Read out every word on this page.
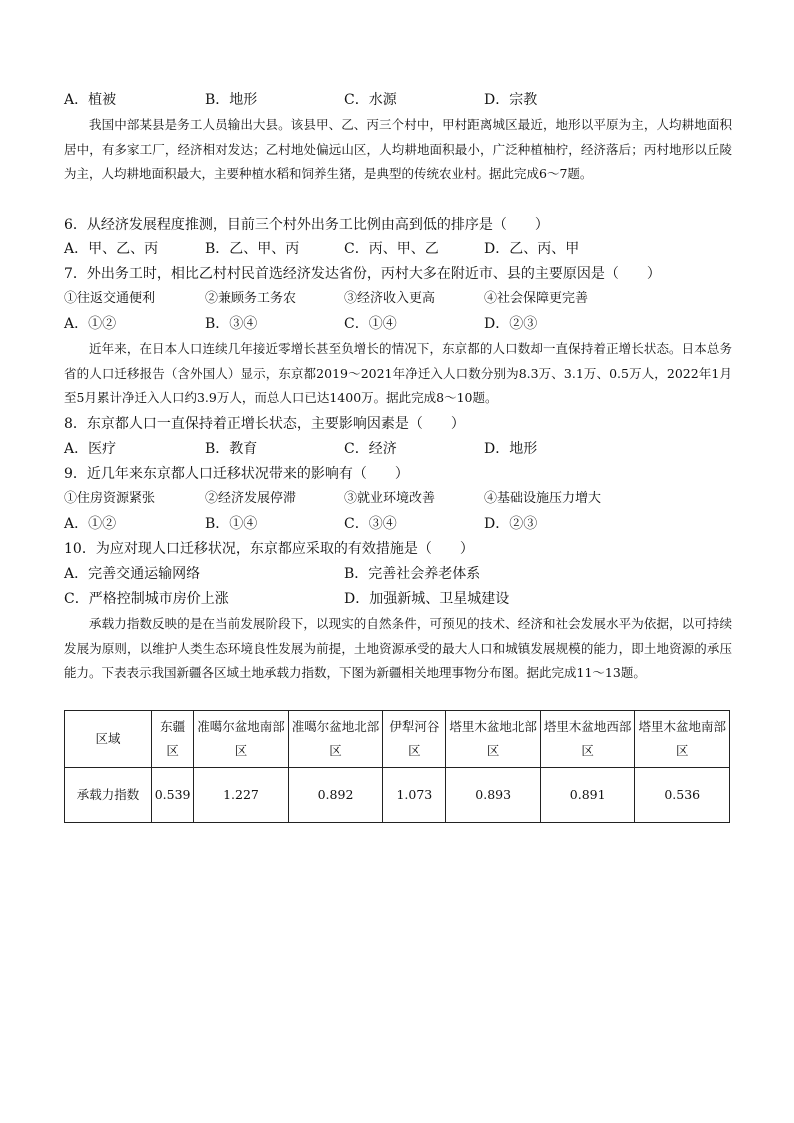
A．植被	B．地形	C．水源	D．宗教
我国中部某县是务工人员输出大县。该县甲、乙、丙三个村中，甲村距离城区最近，地形以平原为主，人均耕地面积居中，有多家工厂，经济相对发达；乙村地处偏远山区，人均耕地面积最小，广泛种植柚柠，经济落后；丙村地形以丘陵为主，人均耕地面积最大，主要种植水稻和饲养生猪，是典型的传统农业村。据此完成6～7题。
6．从经济发展程度推测，目前三个村外出务工比例由高到低的排序是（　　）
A．甲、乙、丙	B．乙、甲、丙	C．丙、甲、乙	D．乙、丙、甲
7．外出务工时，相比乙村村民首选经济发达省份，丙村大多在附近市、县的主要原因是（　　）
①往返交通便利	②兼顾务工务农	③经济收入更高	④社会保障更完善
A．①②	B．③④	C．①④	D．②③
近年来，在日本人口连续几年接近零增长甚至负增长的情况下，东京都的人口数却一直保持着正增长状态。日本总务省的人口迁移报告（含外国人）显示，东京都2019～2021年净迁入人口数分别为8.3万、3.1万、0.5万人，2022年1月至5月累计净迁入人口约3.9万人，而总人口已达1400万。据此完成8～10题。
8．东京都人口一直保持着正增长状态，主要影响因素是（　　）
A．医疗	B．教育	C．经济	D．地形
9．近几年来东京都人口迁移状况带来的影响有（　　）
①住房资源紧张	②经济发展停滞	③就业环境改善	④基础设施压力增大
A．①②	B．①④	C．③④	D．②③
10．为应对现人口迁移状况，东京都应采取的有效措施是（　　）
A．完善交通运输网络	B．完善社会养老体系
C．严格控制城市房价上涨	D．加强新城、卫星城建设
承载力指数反映的是在当前发展阶段下，以现实的自然条件，可预见的技术、经济和社会发展水平为依据，以可持续发展为原则，以维护人类生态环境良性发展为前提，土地资源承受的最大人口和城镇发展规模的能力，即土地资源的承压能力。下表表示我国新疆各区域土地承载力指数，下图为新疆相关地理事物分布图。据此完成11～13题。
区域	东疆区	准噶尔盆地南部区	准噶尔盆地北部区	伊犁河谷区	塔里木盆地北部区	塔里木盆地西部区	塔里木盆地南部区
承载力指数	0.539	1.227	0.892	1.073	0.893	0.891	0.536
